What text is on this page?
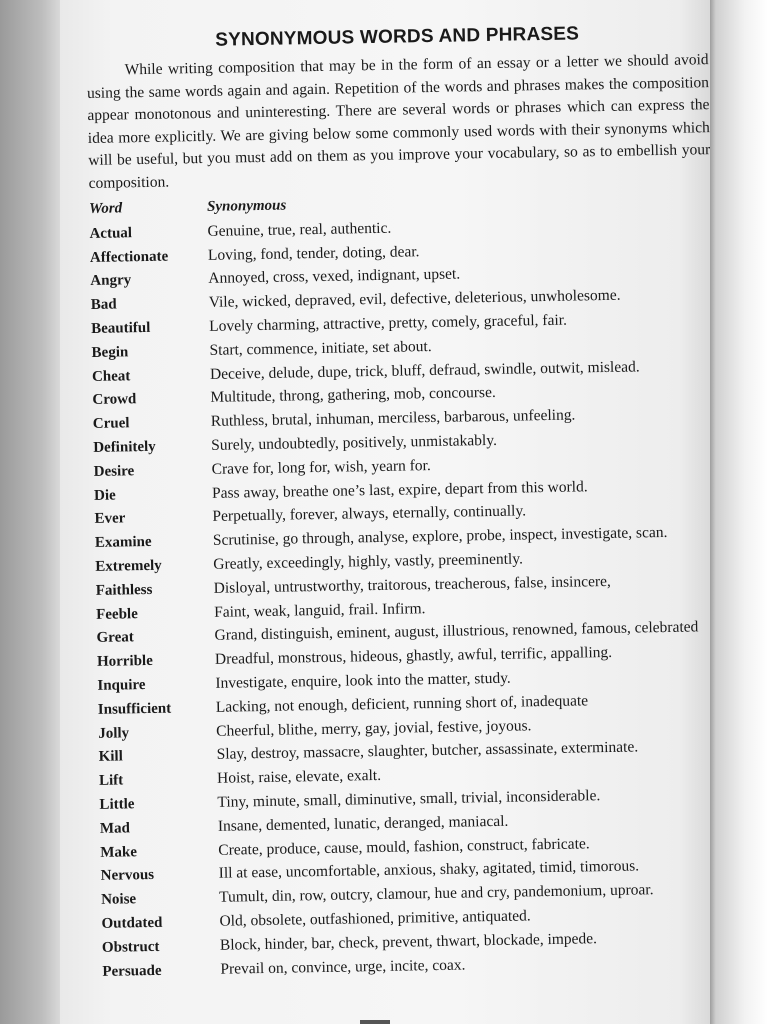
SYNONYMOUS WORDS AND PHRASES

While writing composition that may be in the form of an essay or a letter we should avoid using the same words again and again. Repetition of the words and phrases makes the composition appear monotonous and uninteresting. There are several words or phrases which can express the idea more explicitly. We are giving below some commonly used words with their synonyms which will be useful, but you must add on them as you improve your vocabulary, so as to embellish your composition.

Word	Synonymous
Actual	Genuine, true, real, authentic.
Affectionate	Loving, fond, tender, doting, dear.
Angry	Annoyed, cross, vexed, indignant, upset.
Bad	Vile, wicked, depraved, evil, defective, deleterious, unwholesome.
Beautiful	Lovely charming, attractive, pretty, comely, graceful, fair.
Begin	Start, commence, initiate, set about.
Cheat	Deceive, delude, dupe, trick, bluff, defraud, swindle, outwit, mislead.
Crowd	Multitude, throng, gathering, mob, concourse.
Cruel	Ruthless, brutal, inhuman, merciless, barbarous, unfeeling.
Definitely	Surely, undoubtedly, positively, unmistakably.
Desire	Crave for, long for, wish, yearn for.
Die	Pass away, breathe one’s last, expire, depart from this world.
Ever	Perpetually, forever, always, eternally, continually.
Examine	Scrutinise, go through, analyse, explore, probe, inspect, investigate, scan.
Extremely	Greatly, exceedingly, highly, vastly, preeminently.
Faithless	Disloyal, untrustworthy, traitorous, treacherous, false, insincere,
Feeble	Faint, weak, languid, frail. Infirm.
Great	Grand, distinguish, eminent, august, illustrious, renowned, famous, celebrated
Horrible	Dreadful, monstrous, hideous, ghastly, awful, terrific, appalling.
Inquire	Investigate, enquire, look into the matter, study.
Insufficient	Lacking, not enough, deficient, running short of, inadequate
Jolly	Cheerful, blithe, merry, gay, jovial, festive, joyous.
Kill	Slay, destroy, massacre, slaughter, butcher, assassinate, exterminate.
Lift	Hoist, raise, elevate, exalt.
Little	Tiny, minute, small, diminutive, small, trivial, inconsiderable.
Mad	Insane, demented, lunatic, deranged, maniacal.
Make	Create, produce, cause, mould, fashion, construct, fabricate.
Nervous	Ill at ease, uncomfortable, anxious, shaky, agitated, timid, timorous.
Noise	Tumult, din, row, outcry, clamour, hue and cry, pandemonium, uproar.
Outdated	Old, obsolete, outfashioned, primitive, antiquated.
Obstruct	Block, hinder, bar, check, prevent, thwart, blockade, impede.
Persuade	Prevail on, convince, urge, incite, coax.
